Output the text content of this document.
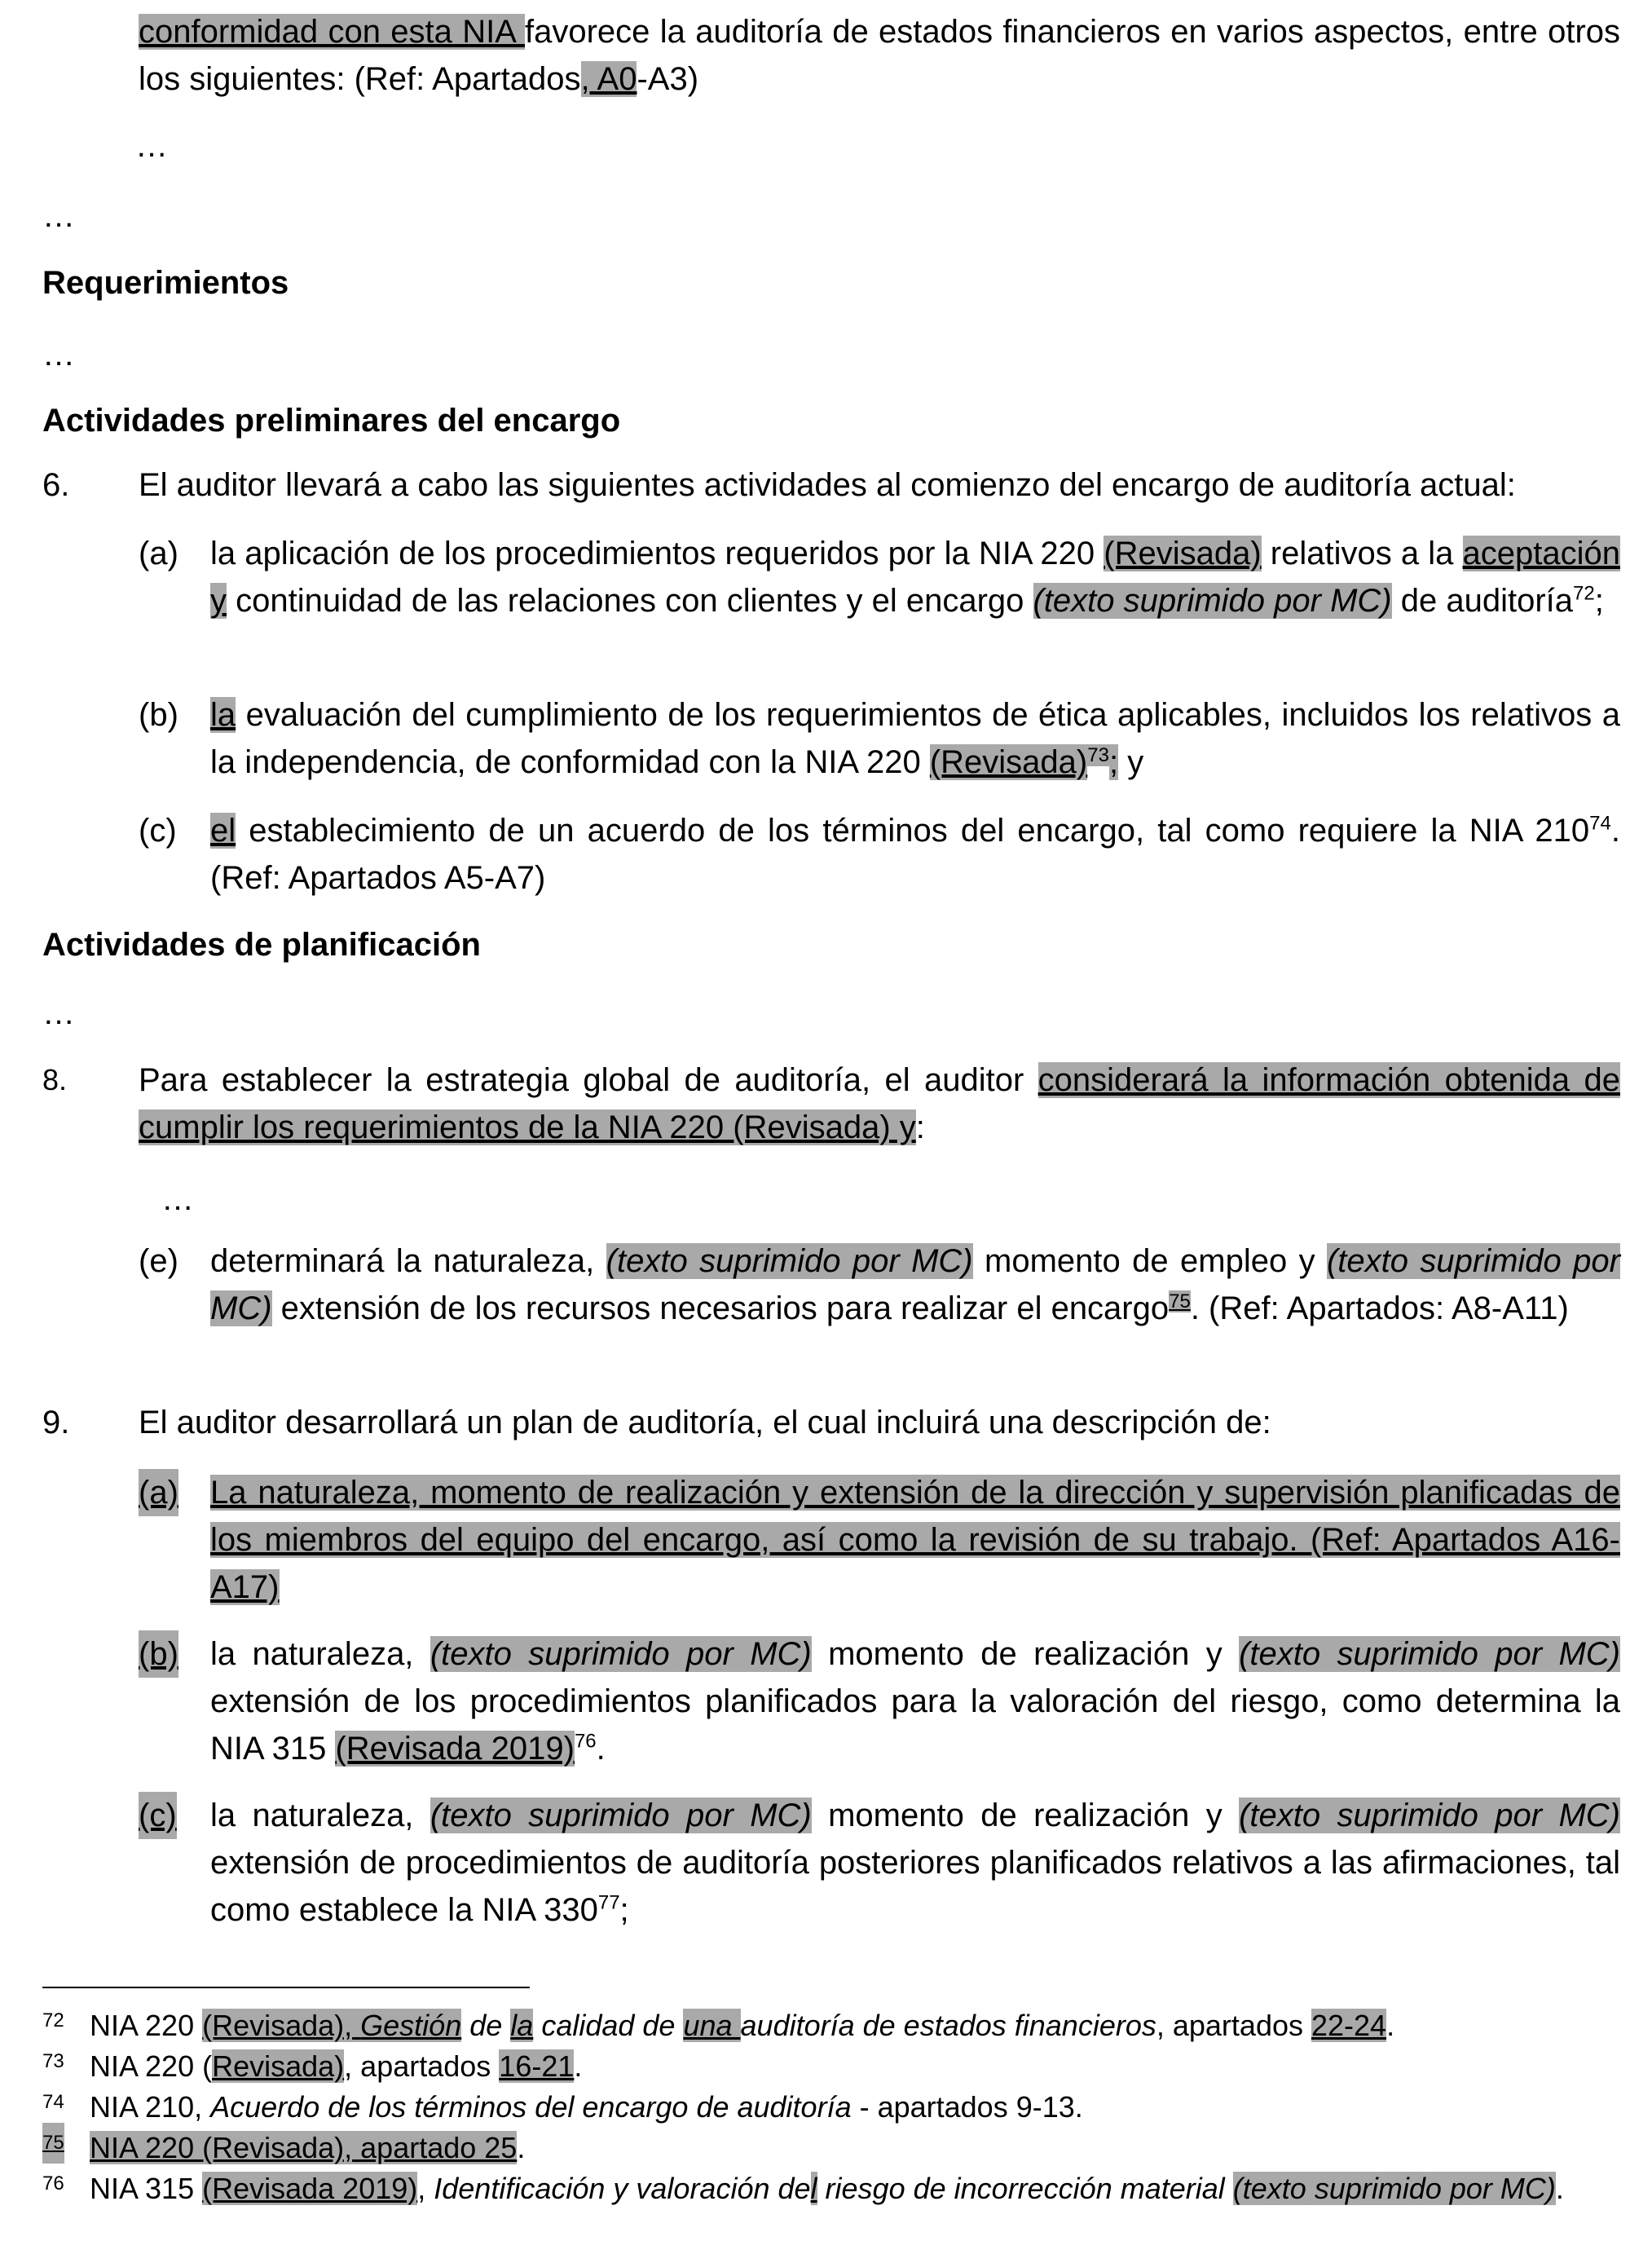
conformidad con esta NIA favorece la auditoría de estados financieros en varios aspectos, entre otros los siguientes: (Ref: Apartados, A0-A3)

…
…
Requerimientos
…
Actividades preliminares del encargo
6. El auditor llevará a cabo las siguientes actividades al comienzo del encargo de auditoría actual:

(a) la aplicación de los procedimientos requeridos por la NIA 220 (Revisada) relativos a la aceptación y continuidad de las relaciones con clientes y el encargo (texto suprimido por MC) de auditoría$^{72}$;

(b) la evaluación del cumplimiento de los requerimientos de ética aplicables, incluidos los relativos a la independencia, de conformidad con la NIA 220 (Revisada)$^{73}$; y

(c) el establecimiento de un acuerdo de los términos del encargo, tal como requiere la NIA $210^{74}$. (Ref: Apartados A5-A7)

Actividades de planificación
…
8. Para establecer la estrategia global de auditoría, el auditor considerará la información obtenida de cumplir los requerimientos de la NIA 220 (Revisada) y:

…
(e) determinará la naturaleza, (texto suprimido por MC) momento de empleo y (texto suprimido por MC) extensión de los recursos necesarios para realizar el encargo$^{75}$. (Ref: Apartados: A8-A11)

9. El auditor desarrollará un plan de auditoría, el cual incluirá una descripción de:

(a) La naturaleza, momento de realización y extensión de la dirección y supervisión planificadas de los miembros del equipo del encargo, así como la revisión de su trabajo. (Ref: Apartados A16-A17)

(b) la naturaleza, (texto suprimido por MC) momento de realización y (texto suprimido por MC) extensión de los procedimientos planificados para la valoración del riesgo, como determina la NIA 315 (Revisada 2019)$^{76}$.

(c) la naturaleza, (texto suprimido por MC) momento de realización y (texto suprimido por MC) extensión de procedimientos de auditoría posteriores planificados relativos a las afirmaciones, tal como establece la NIA $330^{77}$;

72 NIA 220 (Revisada), Gestión de la calidad de una auditoría de estados financieros, apartados 22-24.
73 NIA 220 (Revisada), apartados 16-21.
74 NIA 210, Acuerdo de los términos del encargo de auditoría - apartados 9-13.
75 NIA 220 (Revisada), apartado 25.
76 NIA 315 (Revisada 2019), Identificación y valoración del riesgo de incorrección material (texto suprimido por MC).
